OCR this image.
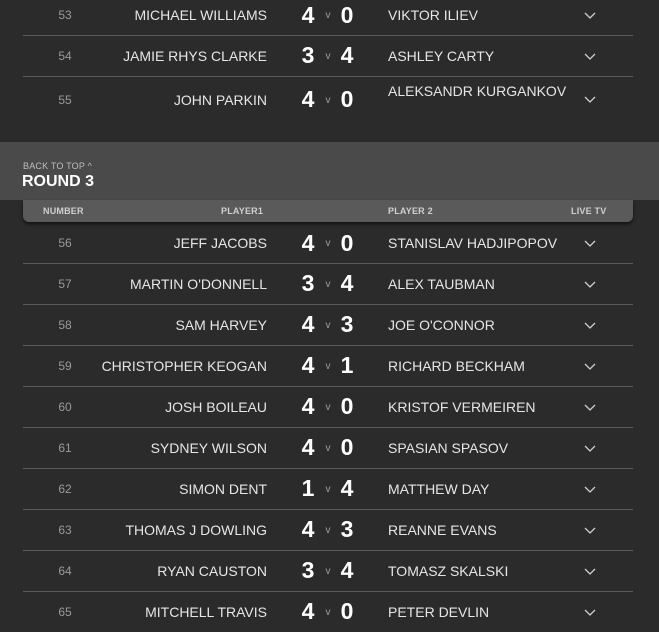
53	MICHAEL WILLIAMS 4	v 0 VIKTOR ILIEV
54	JAMIE RHYS CLARKE 3	v 4 ASHLEY CARTY
55	JOHN PARKIN 4	v 0 ALEKSANDR KURGANKOV
BACK TO TOP ^
ROUND 3
NUMBER	PLAYER1	PLAYER 2	LIVE TV
56	JEFF JACOBS 4	v 0 STANISLAV HADJIPOPOV
57	MARTIN O'DONNELL 3	v 4 ALEX TAUBMAN
58	SAM HARVEY 4	v 3 JOE O'CONNOR
59	CHRISTOPHER KEOGAN 4	v 1 RICHARD BECKHAM
60	JOSH BOILEAU 4	v 0 KRISTOF VERMEIREN
61	SYDNEY WILSON 4	v 0 SPASIAN SPASOV
62	SIMON DENT 1	v 4 MATTHEW DAY
63	THOMAS J DOWLING 4	v 3 REANNE EVANS
64	RYAN CAUSTON 3	v 4 TOMASZ SKALSKI
65	MITCHELL TRAVIS 4	v 0 PETER DEVLIN
